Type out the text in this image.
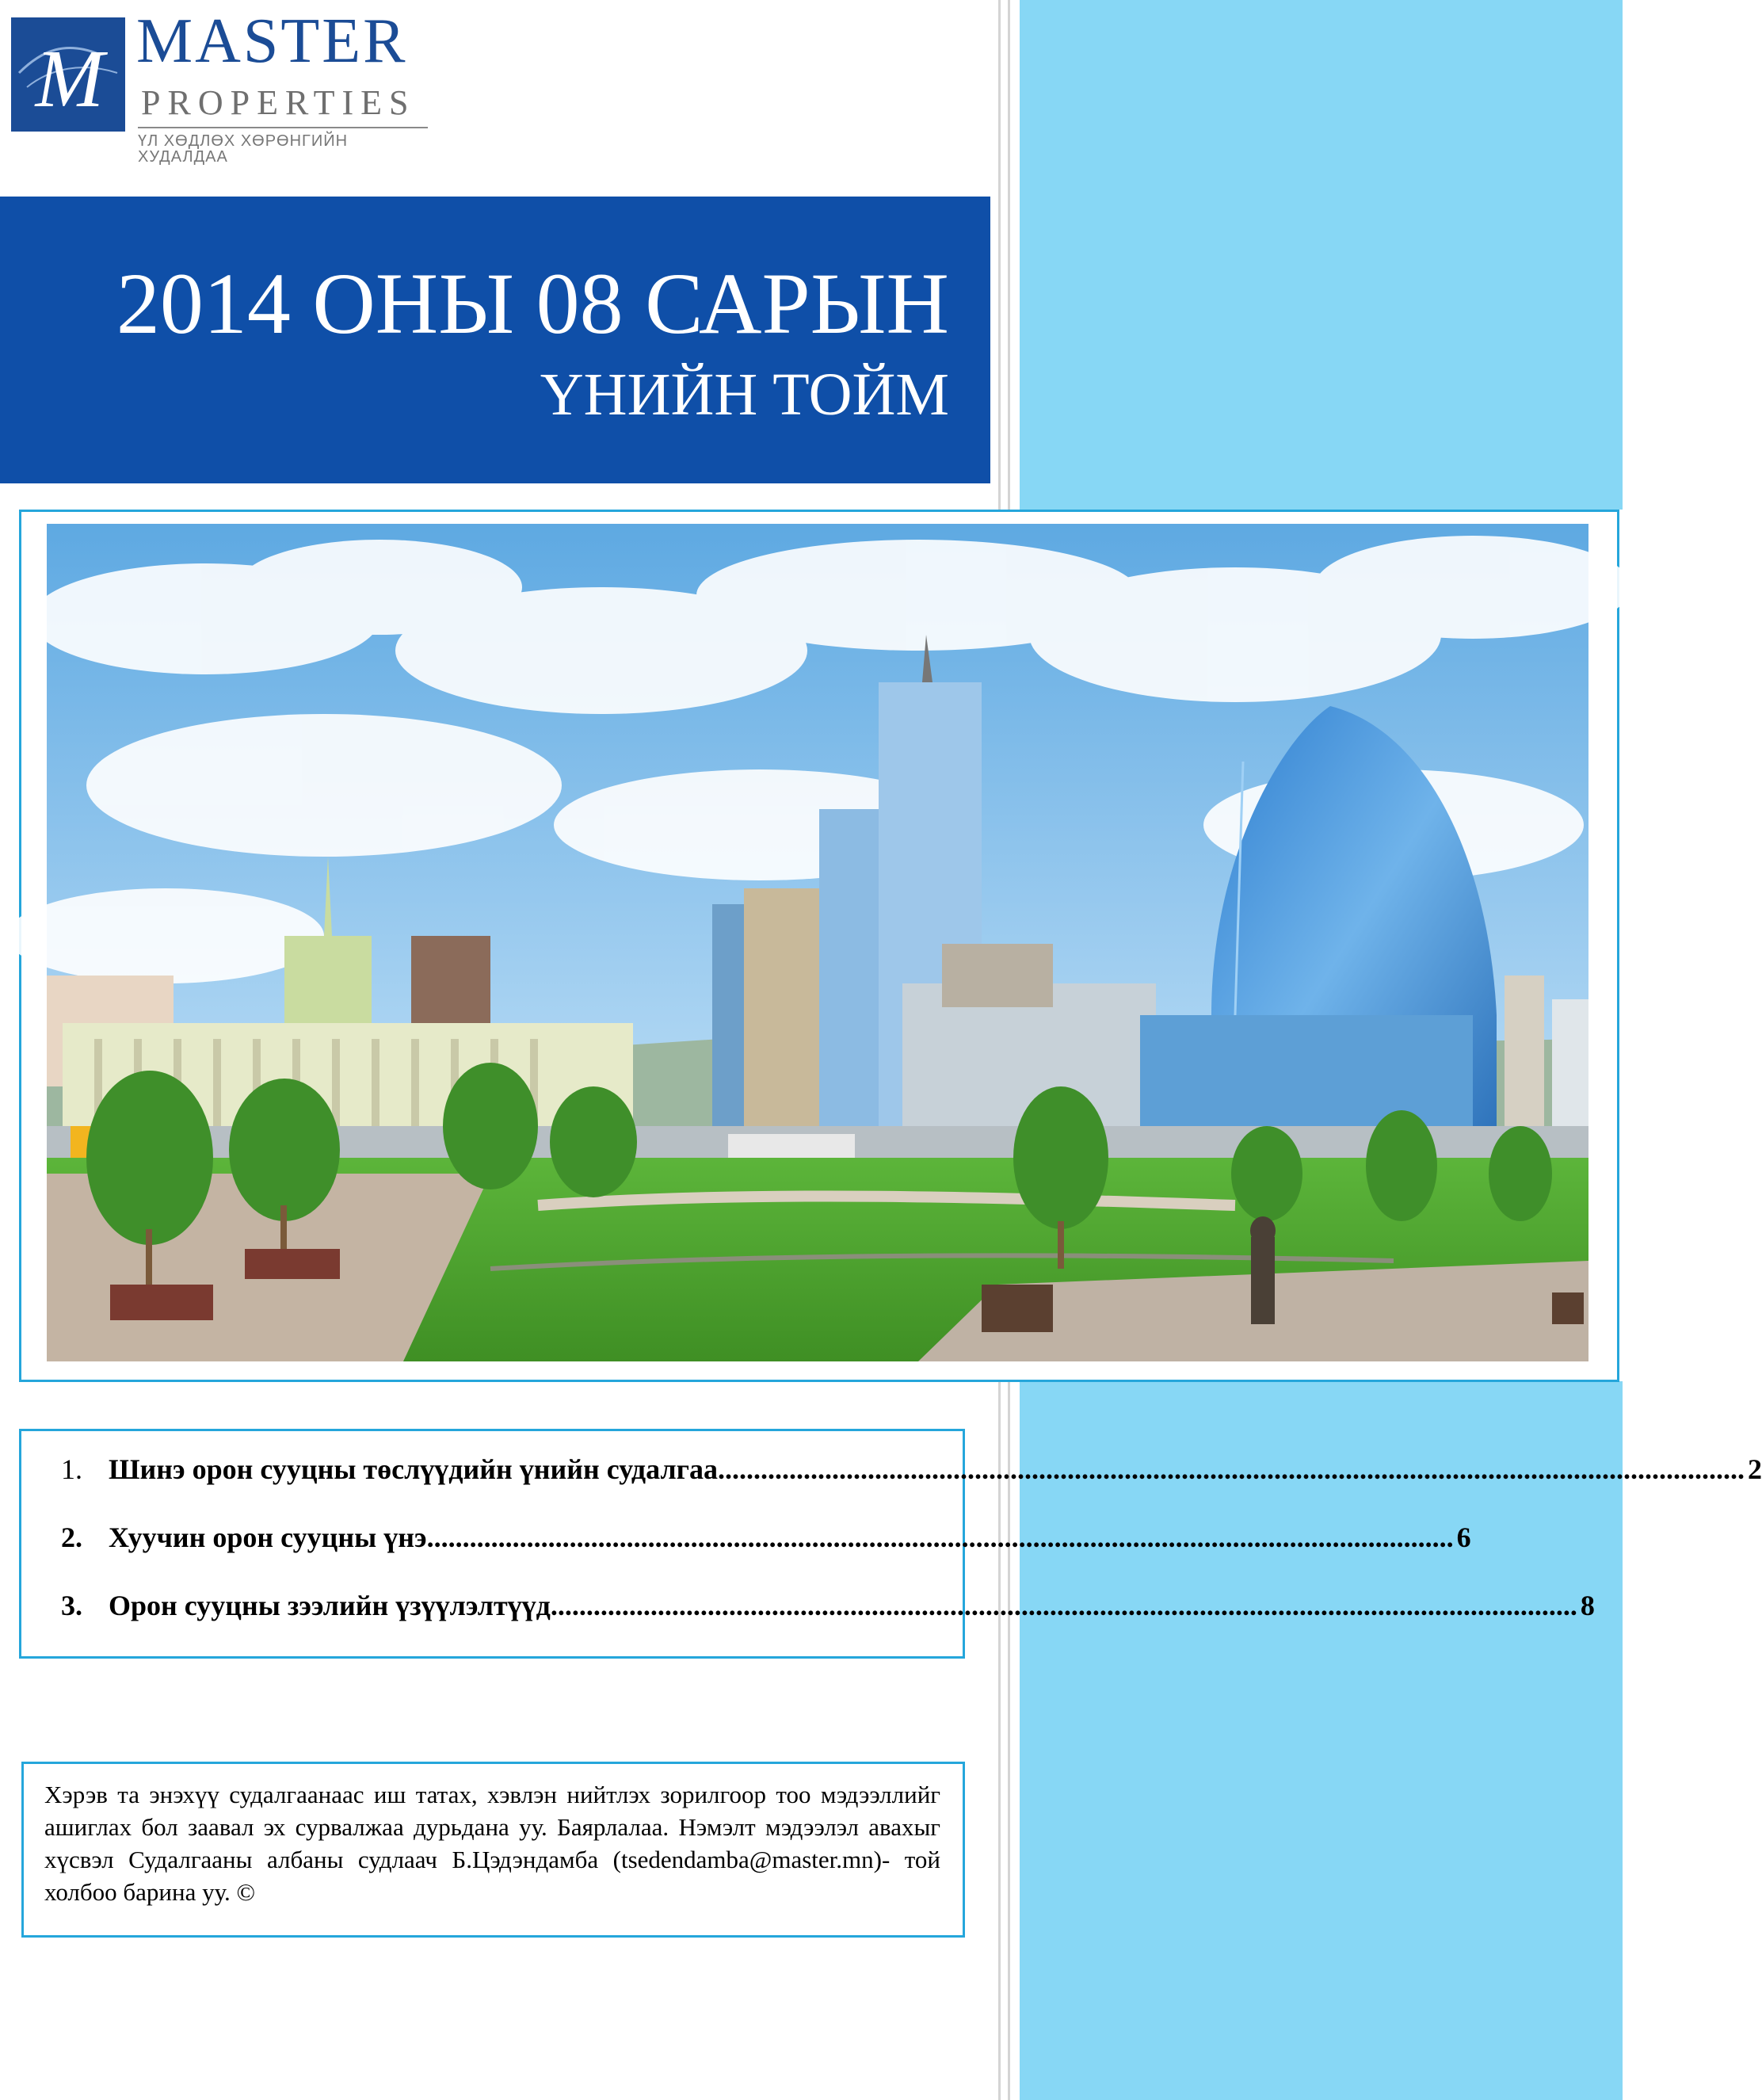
M MASTER
PROPERTIES
ҮЛ ХӨДЛӨХ ХӨРӨНГИЙН ХУДАЛДАА
2014 ОНЫ 08 САРЫН
ҮНИЙН ТОЙМ
1. Шинэ орон сууцны төслүүдийн үнийн судалгаа ................................................................................................................................................ 2
2. Хуучин орон сууцны үнэ ................................................................................................................................................ 6
3. Орон сууцны зээлийн үзүүлэлтүүд ................................................................................................................................................ 8

Хэрэв та энэхүү судалгаанаас иш татах, хэвлэн нийтлэх зорилгоор тоо мэдээллийг ашиглах бол заавал эх сурвалжаа дурьдана уу. Баярлалаа. Нэмэлт мэдээлэл авахыг хүсвэл Судалгааны албаны судлаач Б.Цэдэндамба (tsedendamba@master.mn)- той холбоо барина уу. ©
